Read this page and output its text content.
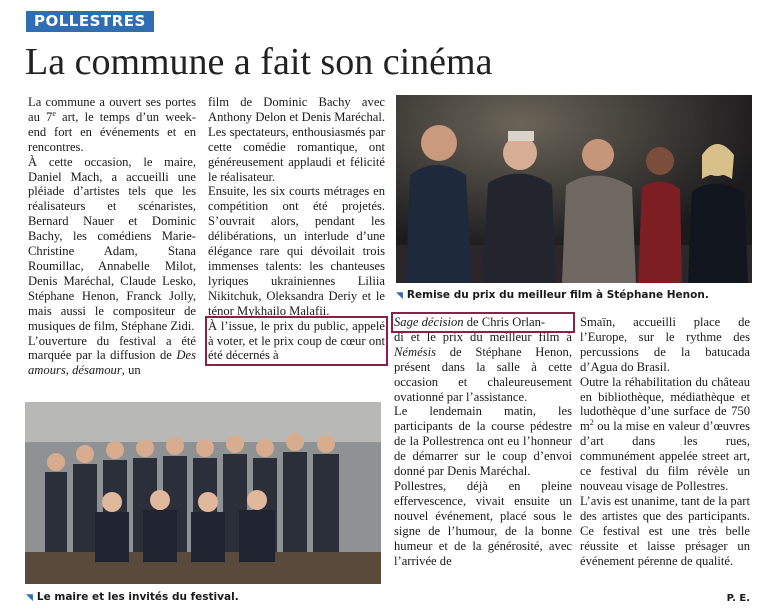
POLLESTRES
La commune a fait son cinéma

La commune a ouvert ses portes au 7e art, le temps d’un week-end fort en événements et en rencontres.

À cette occasion, le maire, Daniel Mach, a accueilli une pléiade d’artistes tels que les réalisateurs et scénaristes, Bernard Nauer et Dominic Bachy, les comédiens Marie-Christine Adam, Stana Roumillac, Annabelle Milot, Denis Maréchal, Claude Lesko, Stéphane Henon, Franck Jolly, mais aussi le compositeur de musiques de film, Stéphane Zidi.

L’ouverture du festival a été marquée par la diffusion de Des amours, désamour, un

film de Dominic Bachy avec Anthony Delon et Denis Maréchal. Les spectateurs, enthousiasmés par cette comédie romantique, ont généreusement applaudi et félicité le réalisateur.

Ensuite, les six courts métrages en compétition ont été projetés. S’ouvrait alors, pendant les délibérations, un interlude d’une élégance rare qui dévoilait trois immenses talents: les chanteuses lyriques ukrainiennes Liliia Nikitchuk, Oleksandra Deriy et le ténor Mykhailo Malafii.

À l’issue, le prix du public, appelé à voter, et le prix coup de cœur ont été décernés à

◥ Remise du prix du meilleur film à Stéphane Henon.

Sage décision de Chris Orlan-

di et le prix du meilleur film à Némésis de Stéphane Henon, présent dans la salle à cette occasion et chaleureusement ovationné par l’assistance.

Le lendemain matin, les participants de la course pédestre de la Pollestrenca ont eu l’honneur de démarrer sur le coup d’envoi donné par Denis Maréchal.

Pollestres, déjà en pleine effervescence, vivait ensuite un nouvel événement, placé sous le signe de l’humour, de la bonne humeur et de la générosité, avec l’arrivée de

Smaïn, accueilli place de l’Europe, sur le rythme des percussions de la batucada d’Agua do Brasil.

Outre la réhabilitation du château en bibliothèque, médiathèque et ludothèque d’une surface de 750 $m^2$ ou la mise en valeur d’œuvres d’art dans les rues, communément appelée street art, ce festival du film révèle un nouveau visage de Pollestres.

L’avis est unanime, tant de la part des artistes que des participants. Ce festival est une très belle réussite et laisse présager un événement pérenne de qualité.

◥ Le maire et les invités du festival.	P. E.
